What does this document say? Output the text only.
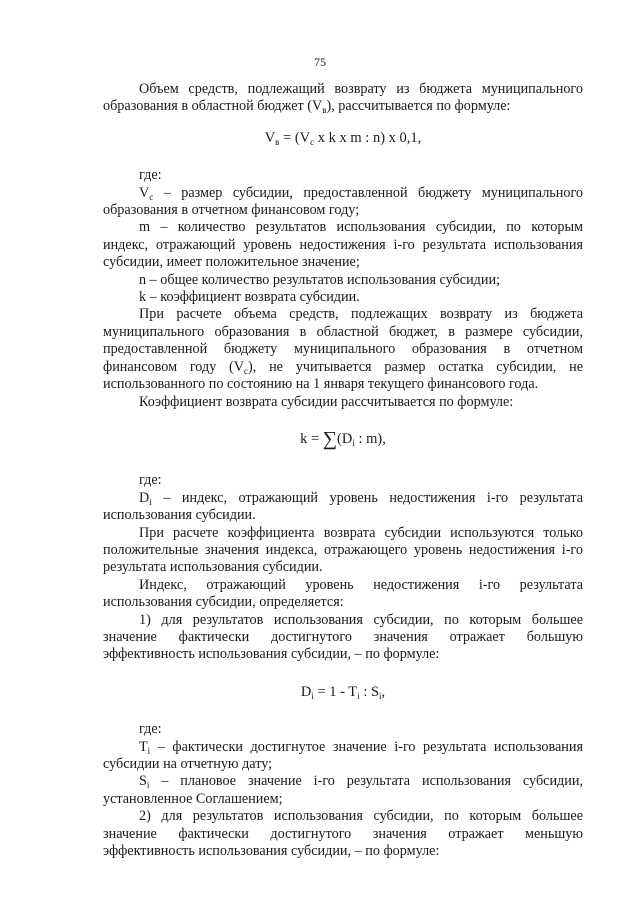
75

Объем средств, подлежащий возврату из бюджета муниципального образования в областной бюджет $(V_в)$, рассчитывается по формуле:

$V_в = (V_с$ x k x m : n) x 0,1,

где:

$V_с$ – размер субсидии, предоставленной бюджету муниципального образования в отчетном финансовом году;

m – количество результатов использования субсидии, по которым индекс, отражающий уровень недостижения i-го результата использования субсидии, имеет положительное значение;

n – общее количество результатов использования субсидии;

k – коэффициент возврата субсидии.

При расчете объема средств, подлежащих возврату из бюджета муниципального образования в областной бюджет, в размере субсидии, предоставленной бюджету муниципального образования в отчетном финансовом году $(V_с)$, не учитывается размер остатка субсидии, не использованного по состоянию на 1 января текущего финансового года.

Коэффициент возврата субсидии рассчитывается по формуле:

$k = \sum(D_i$ : m),

где:

$D_i$ – индекс, отражающий уровень недостижения i-го результата использования субсидии.

При расчете коэффициента возврата субсидии используются только положительные значения индекса, отражающего уровень недостижения i-го результата использования субсидии.

Индекс, отражающий уровень недостижения i-го результата использования субсидии, определяется:

1) для результатов использования субсидии, по которым большее значение фактически достигнутого значения отражает большую эффективность использования субсидии, – по формуле:

$D_i = 1 - T_i$ : $S_i$,

где:

$T_i$ – фактически достигнутое значение i-го результата использования субсидии на отчетную дату;

$S_i$ – плановое значение i-го результата использования субсидии, установленное Соглашением;

2) для результатов использования субсидии, по которым большее значение фактически достигнутого значения отражает меньшую эффективность использования субсидии, – по формуле:
